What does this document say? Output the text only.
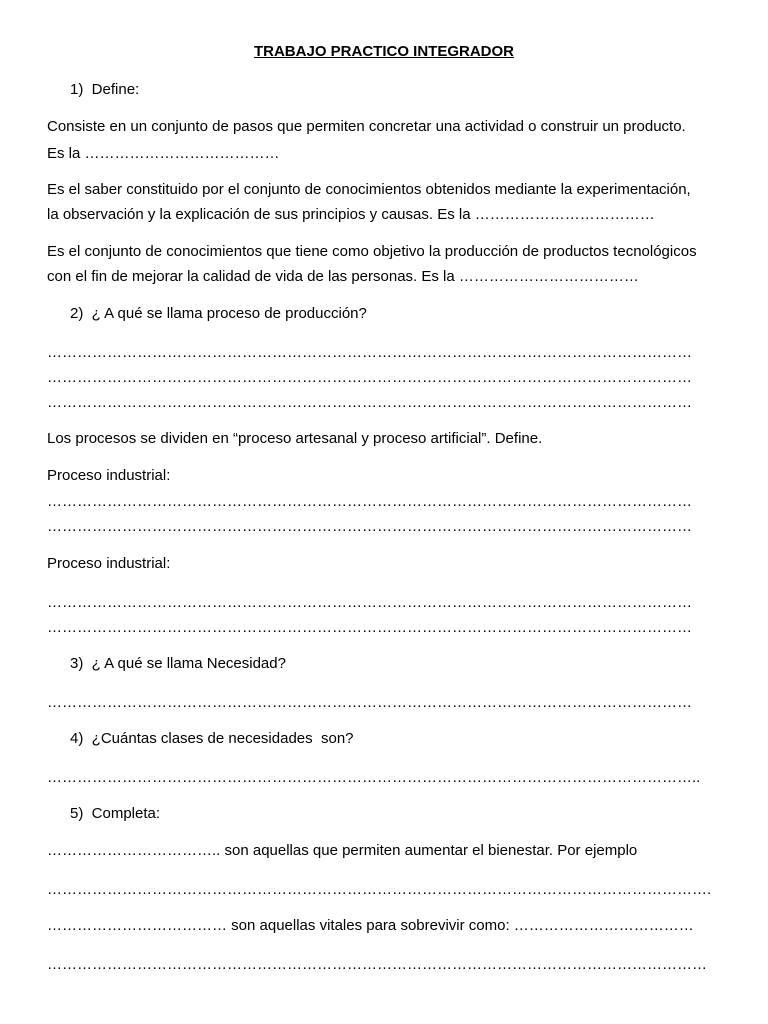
TRABAJO PRACTICO INTEGRADOR
1)  Define:
Consiste en un conjunto de pasos que permiten concretar una actividad o construir un producto.
Es la …………………………………
Es el saber constituido por el conjunto de conocimientos obtenidos mediante la experimentación,
la observación y la explicación de sus principios y causas. Es la ………………………………
Es el conjunto de conocimientos que tiene como objetivo la producción de productos tecnológicos
con el fin de mejorar la calidad de vida de las personas. Es la ………………………………
2)  ¿ A qué se llama proceso de producción?
…………………………………………………………………………………………………………………
…………………………………………………………………………………………………………………
…………………………………………………………………………………………………………………
Los procesos se dividen en “proceso artesanal y proceso artificial”. Define.
Proceso industrial:
…………………………………………………………………………………………………………………
…………………………………………………………………………………………………………………
Proceso industrial:
…………………………………………………………………………………………………………………
…………………………………………………………………………………………………………………
3)  ¿ A qué se llama Necesidad?
…………………………………………………………………………………………………………………
4)  ¿Cuántas clases de necesidades  son?
…………………………………………………………………………………………………………………..
5)  Completa:
…………………………….. son aquellas que permiten aumentar el bienestar. Por ejemplo
…………………………………………………………………………………………………………………….
……………………………… son aquellas vitales para sobrevivir como: ………………………………
……………………………………………………………………………………………………………………
